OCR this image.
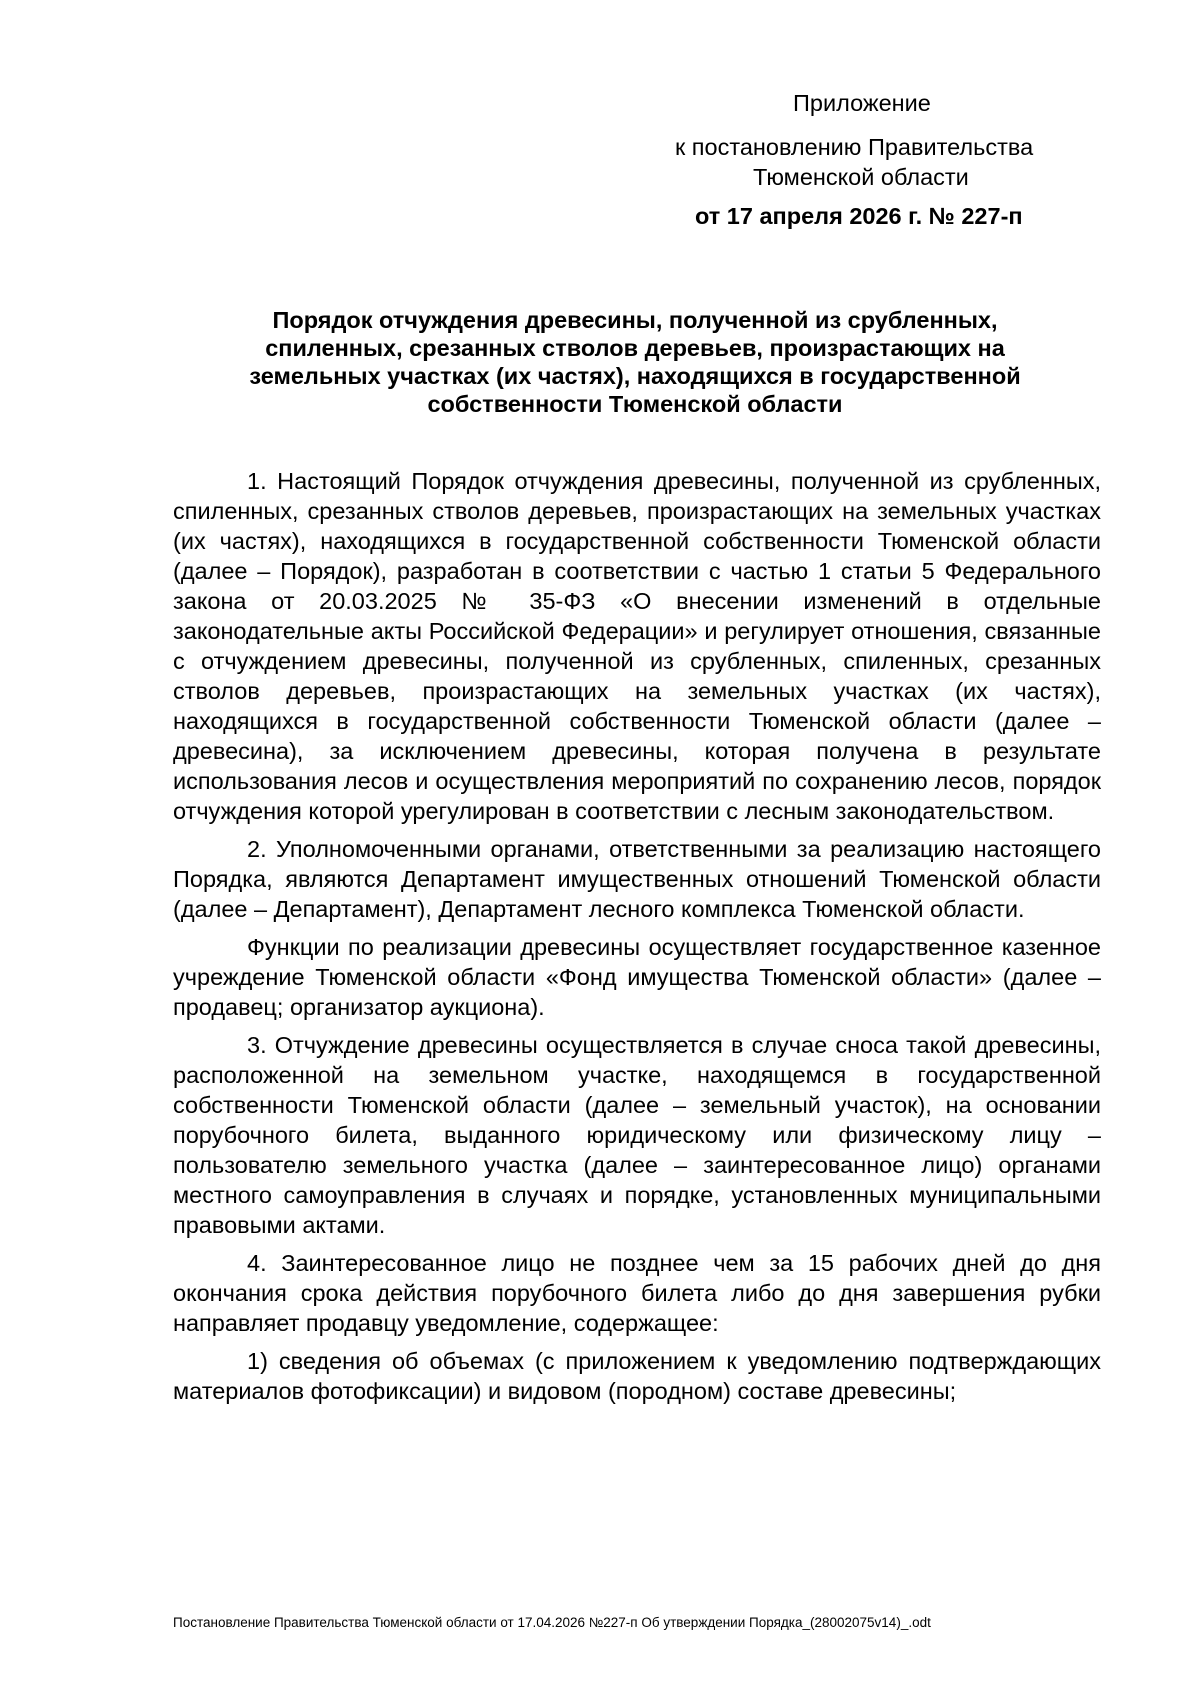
Приложение
к постановлению Правительства
Тюменской области
от 17 апреля 2026 г. № 227-п
Порядок отчуждения древесины, полученной из срубленных,
спиленных, срезанных стволов деревьев, произрастающих на
земельных участках (их частях), находящихся в государственной
собственности Тюменской области

1. Настоящий Порядок отчуждения древесины, полученной из срубленных, спиленных, срезанных стволов деревьев, произрастающих на земельных участках (их частях), находящихся в государственной собственности Тюменской области (далее – Порядок), разработан в соответствии с частью 1 статьи 5 Федерального закона от 20.03.2025 № 35-ФЗ «О внесении изменений в отдельные законодательные акты Российской Федерации» и регулирует отношения, связанные с отчуждением древесины, полученной из срубленных, спиленных, срезанных стволов деревьев, произрастающих на земельных участках (их частях), находящихся в государственной собственности Тюменской области (далее – древесина), за исключением древесины, которая получена в результате использования лесов и осуществления мероприятий по сохранению лесов, порядок отчуждения которой урегулирован в соответствии с лесным законодательством.

2. Уполномоченными органами, ответственными за реализацию настоящего Порядка, являются Департамент имущественных отношений Тюменской области (далее – Департамент), Департамент лесного комплекса Тюменской области.

Функции по реализации древесины осуществляет государственное казенное учреждение Тюменской области «Фонд имущества Тюменской области» (далее – продавец; организатор аукциона).

3. Отчуждение древесины осуществляется в случае сноса такой древесины, расположенной на земельном участке, находящемся в государственной собственности Тюменской области (далее – земельный участок), на основании порубочного билета, выданного юридическому или физическому лицу – пользователю земельного участка (далее – заинтересованное лицо) органами местного самоуправления в случаях и порядке, установленных муниципальными правовыми актами.

4. Заинтересованное лицо не позднее чем за 15 рабочих дней до дня окончания срока действия порубочного билета либо до дня завершения рубки направляет продавцу уведомление, содержащее:

1) сведения об объемах (с приложением к уведомлению подтверждающих материалов фотофиксации) и видовом (породном) составе древесины;

Постановление Правительства Тюменской области от 17.04.2026 №227-п Об утверждении Порядка_(28002075v14)_.odt
